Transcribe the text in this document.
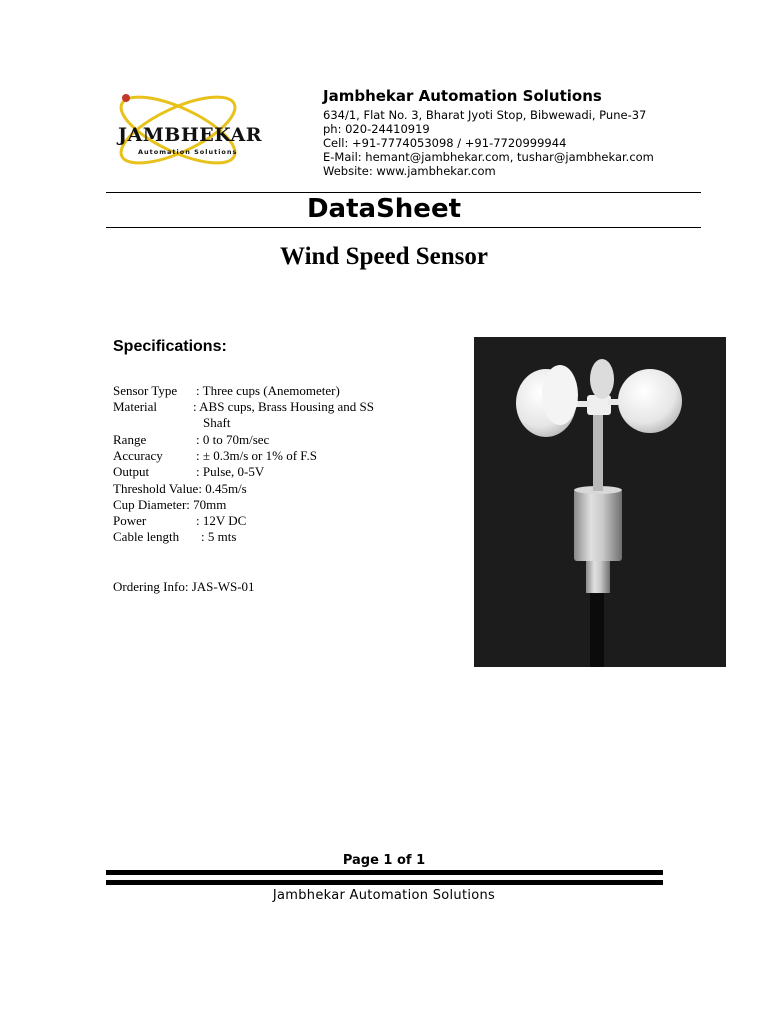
JAMBHEKAR
Automation Solutions
Jambhekar Automation Solutions
634/1, Flat No. 3, Bharat Jyoti Stop, Bibwewadi, Pune-37
ph: 020-24410919
Cell: +91-7774053098 / +91-7720999944
E-Mail: hemant@jambhekar.com, tushar@jambhekar.com
Website: www.jambhekar.com
DataSheet
Wind Speed Sensor
Specifications:
Sensor Type : Three cups (Anemometer)
Material	: ABS cups, Brass Housing and SS
Shaft
Range	: 0 to 70m/sec
Accuracy	: ± 0.3m/s or 1% of F.S
Output	: Pulse, 0-5V
Threshold Value: 0.45m/s
Cup Diameter: 70mm
Power	: 12V DC
Cable length : 5 mts
Ordering Info: JAS-WS-01
Page 1 of 1
Jambhekar Automation Solutions
